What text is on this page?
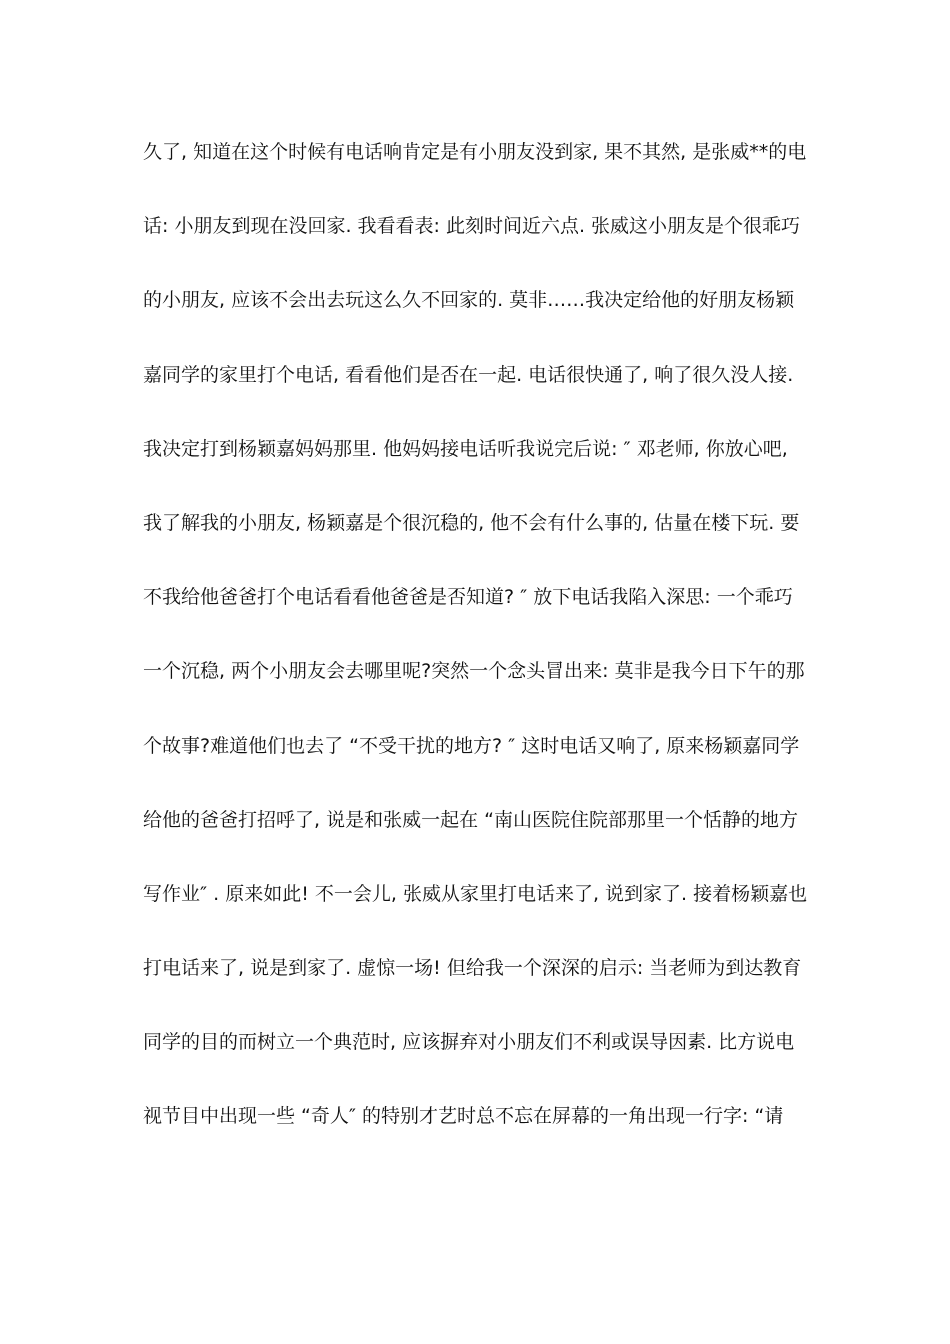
久了, 知道在这个时候有电话响肯定是有小朋友没到家, 果不其然, 是张威**的电
话: 小朋友到现在没回家. 我看看表: 此刻时间近六点. 张威这小朋友是个很乖巧
的小朋友, 应该不会出去玩这么久不回家的. 莫非……我决定给他的好朋友杨颖
嘉同学的家里打个电话, 看看他们是否在一起. 电话很快通了, 响了很久没人接.
我决定打到杨颖嘉妈妈那里. 他妈妈接电话听我说完后说: ″ 邓老师, 你放心吧,
我了解我的小朋友, 杨颖嘉是个很沉稳的, 他不会有什么事的, 估量在楼下玩. 要
不我给他爸爸打个电话看看他爸爸是否知道? ″ 放下电话我陷入深思: 一个乖巧
一个沉稳, 两个小朋友会去哪里呢?突然一个念头冒出来: 莫非是我今日下午的那
个故事?难道他们也去了 “不受干扰的地方? ″ 这时电话又响了, 原来杨颖嘉同学
给他的爸爸打招呼了, 说是和张威一起在 “南山医院住院部那里一个恬静的地方
写作业″ . 原来如此! 不一会儿, 张威从家里打电话来了, 说到家了. 接着杨颖嘉也
打电话来了, 说是到家了. 虚惊一场! 但给我一个深深的启示: 当老师为到达教育
同学的目的而树立一个典范时, 应该摒弃对小朋友们不利或误导因素. 比方说电
视节目中出现一些 “奇人″ 的特别才艺时总不忘在屏幕的一角出现一行字: “请
